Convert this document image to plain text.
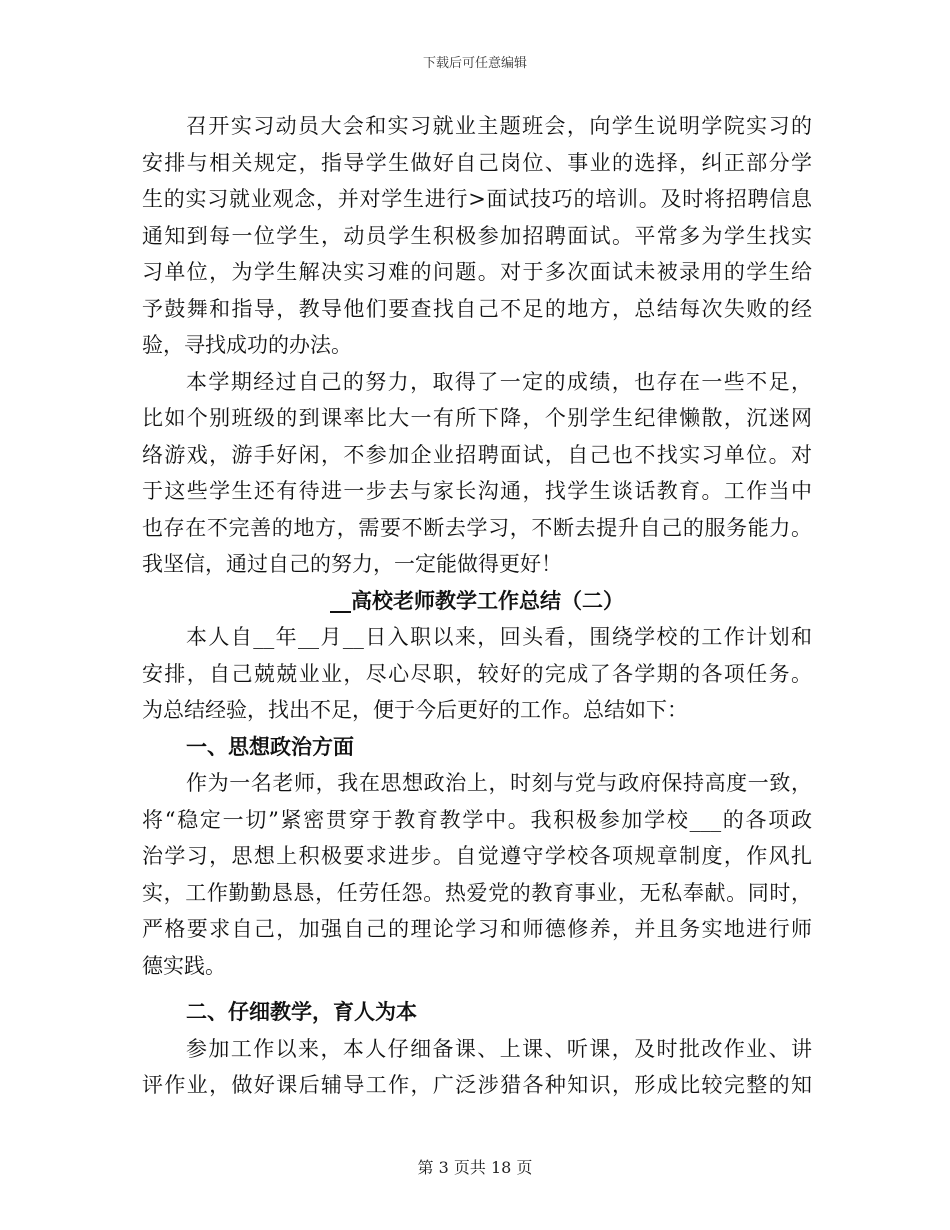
下载后可任意编辑
召开实习动员大会和实习就业主题班会，向学生说明学院实习的
安排与相关规定，指导学生做好自己岗位、事业的选择，纠正部分学
生的实习就业观念，并对学生进行>面试技巧的培训。及时将招聘信息
通知到每一位学生，动员学生积极参加招聘面试。平常多为学生找实
习单位，为学生解决实习难的问题。对于多次面试未被录用的学生给
予鼓舞和指导，教导他们要查找自己不足的地方，总结每次失败的经
验，寻找成功的办法。
本学期经过自己的努力，取得了一定的成绩，也存在一些不足，
比如个别班级的到课率比大一有所下降，个别学生纪律懒散，沉迷网
络游戏，游手好闲，不参加企业招聘面试，自己也不找实习单位。对
于这些学生还有待进一步去与家长沟通，找学生谈话教育。工作当中
也存在不完善的地方，需要不断去学习，不断去提升自己的服务能力。
我坚信，通过自己的努力，一定能做得更好！
__高校老师教学工作总结（二）
本人自__年__月__日入职以来，回头看，围绕学校的工作计划和
安排，自己兢兢业业，尽心尽职，较好的完成了各学期的各项任务。
为总结经验，找出不足，便于今后更好的工作。总结如下：
一、思想政治方面
作为一名老师，我在思想政治上，时刻与党与政府保持高度一致，
将“稳定一切”紧密贯穿于教育教学中。我积极参加学校___的各项政
治学习，思想上积极要求进步。自觉遵守学校各项规章制度，作风扎
实，工作勤勤恳恳，任劳任怨。热爱党的教育事业，无私奉献。同时，
严格要求自己，加强自己的理论学习和师德修养，并且务实地进行师
德实践。
二、仔细教学，育人为本
参加工作以来，本人仔细备课、上课、听课，及时批改作业、讲
评作业，做好课后辅导工作，广泛涉猎各种知识，形成比较完整的知
第 3 页共 18 页
